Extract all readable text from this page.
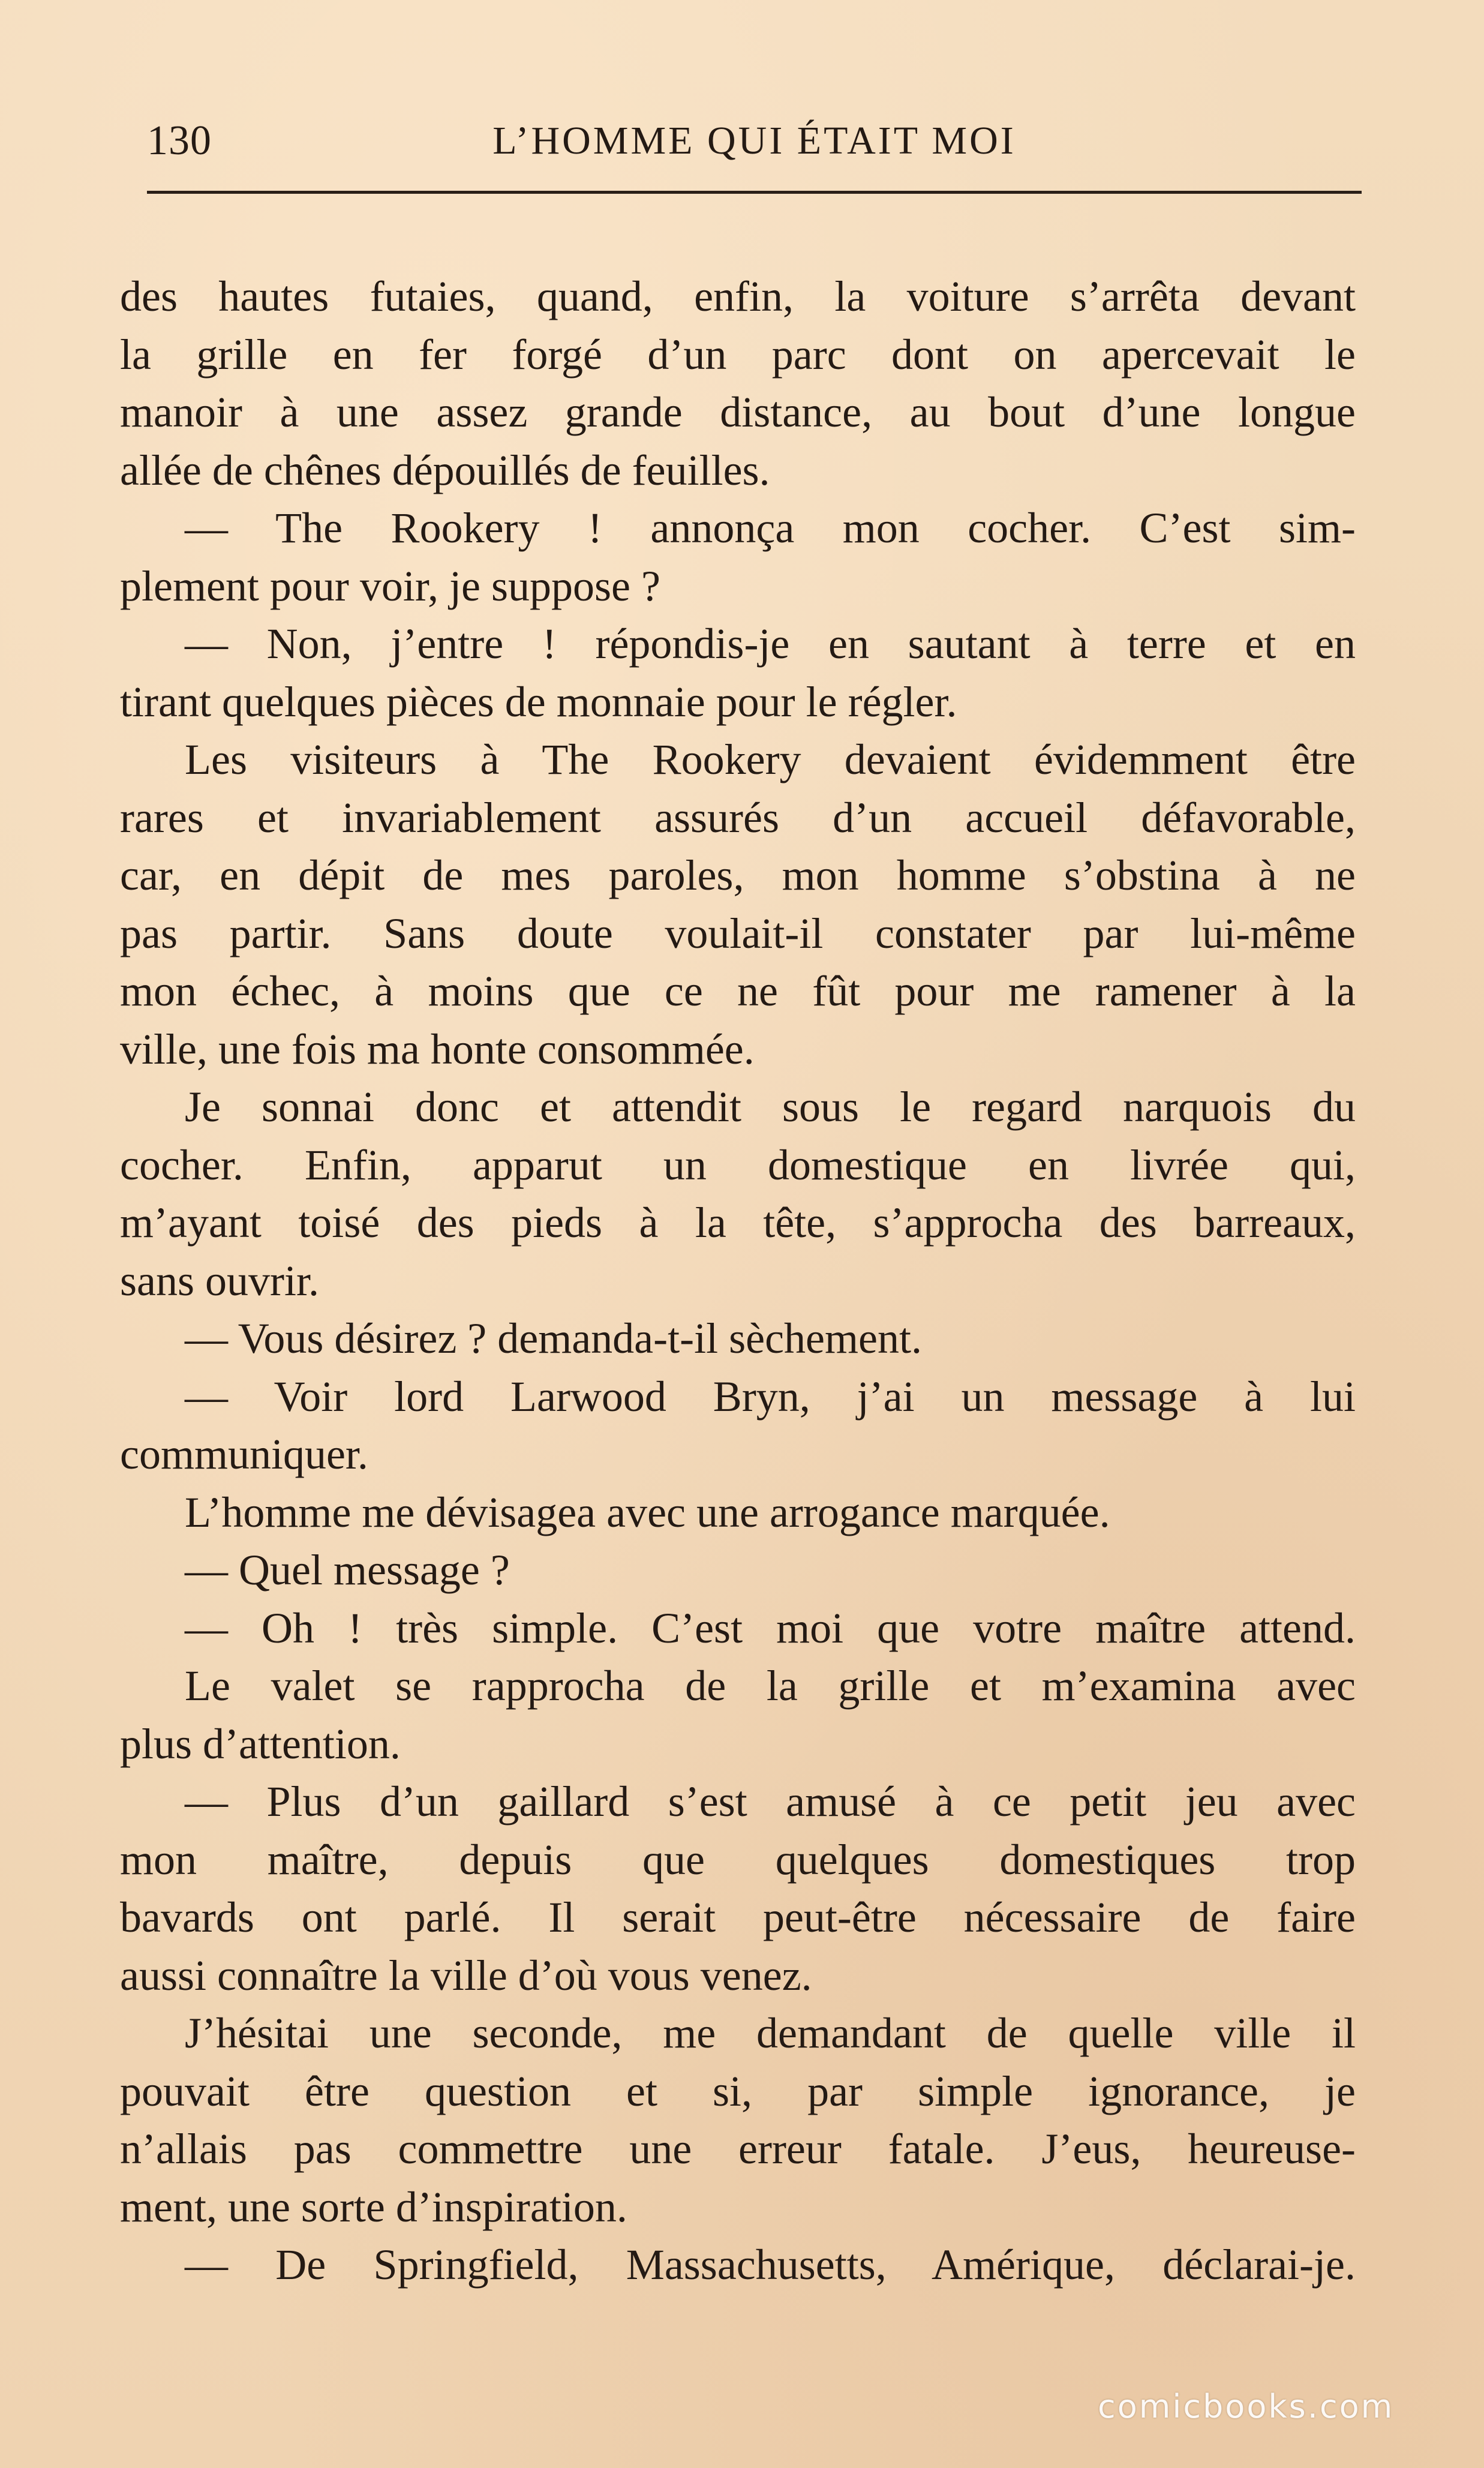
130	L’HOMME QUI ÉTAIT MOI
des hautes futaies, quand, enfin, la voiture s’arrêta devant
la grille en fer forgé d’un parc dont on apercevait le
manoir à une assez grande distance, au bout d’une longue
allée de chênes dépouillés de feuilles.
— The Rookery ! annonça mon cocher. C’est sim-
plement pour voir, je suppose ?
— Non, j’entre ! répondis-je en sautant à terre et en
tirant quelques pièces de monnaie pour le régler.
Les visiteurs à The Rookery devaient évidemment être
rares et invariablement assurés d’un accueil défavorable,
car, en dépit de mes paroles, mon homme s’obstina à ne
pas partir. Sans doute voulait-il constater par lui-même
mon échec, à moins que ce ne fût pour me ramener à la
ville, une fois ma honte consommée.
Je sonnai donc et attendit sous le regard narquois du
cocher. Enfin, apparut un domestique en livrée qui,
m’ayant toisé des pieds à la tête, s’approcha des barreaux,
sans ouvrir.
— Vous désirez ? demanda-t-il sèchement.
— Voir lord Larwood Bryn, j’ai un message à lui
communiquer.
L’homme me dévisagea avec une arrogance marquée.
— Quel message ?
— Oh ! très simple. C’est moi que votre maître attend.
Le valet se rapprocha de la grille et m’examina avec
plus d’attention.
— Plus d’un gaillard s’est amusé à ce petit jeu avec
mon maître, depuis que quelques domestiques trop
bavards ont parlé. Il serait peut-être nécessaire de faire
aussi connaître la ville d’où vous venez.
J’hésitai une seconde, me demandant de quelle ville il
pouvait être question et si, par simple ignorance, je
n’allais pas commettre une erreur fatale. J’eus, heureuse-
ment, une sorte d’inspiration.
— De Springfield, Massachusetts, Amérique, déclarai-je.
comicbooks.com
